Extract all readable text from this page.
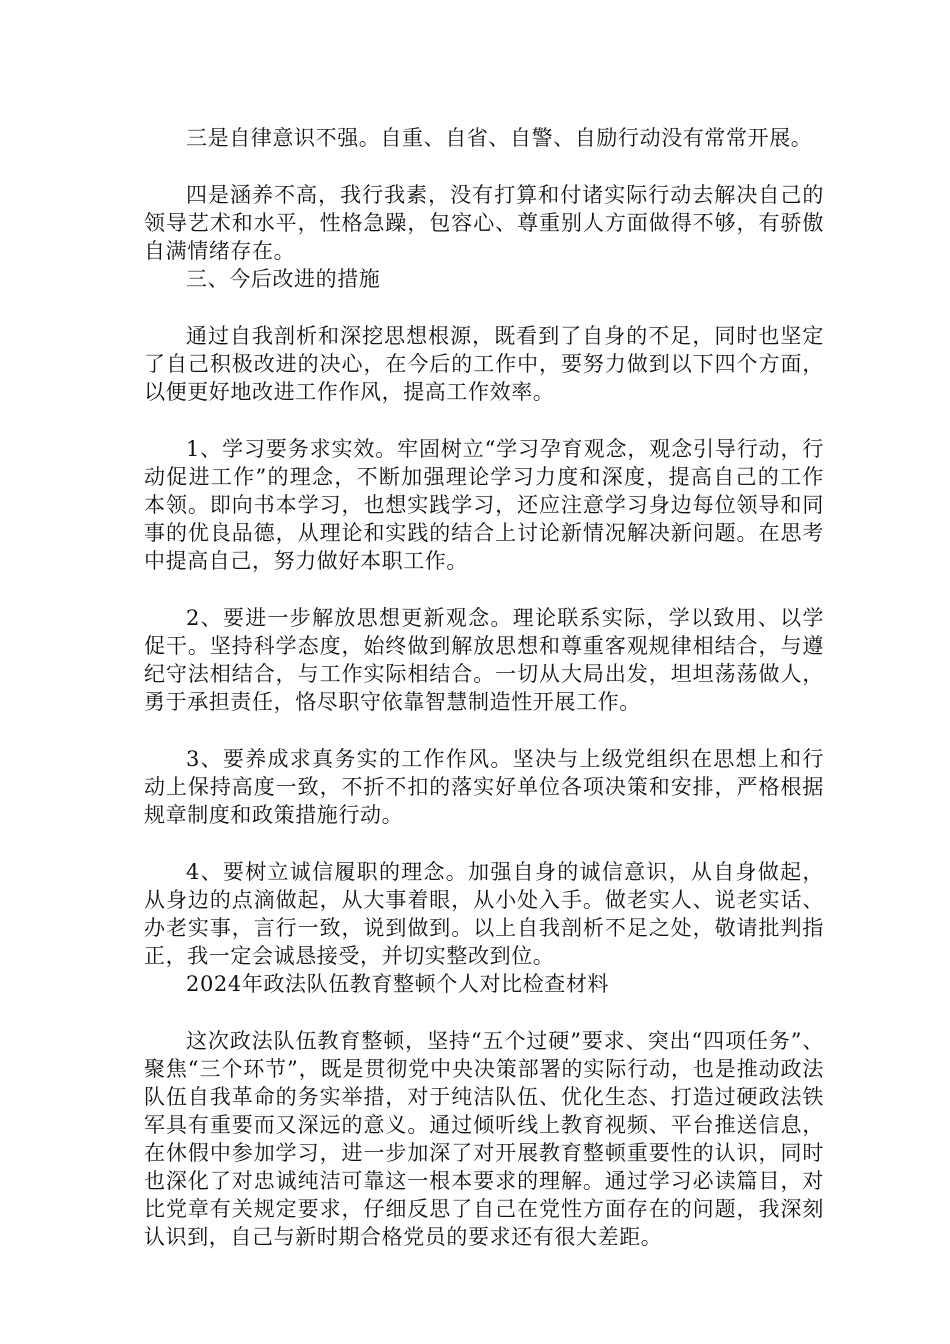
三是自律意识不强。自重、自省、自警、自励行动没有常常开展。

四是涵养不高，我行我素，没有打算和付诸实际行动去解决自己的领导艺术和水平，性格急躁，包容心、尊重别人方面做得不够，有骄傲自满情绪存在。

三、今后改进的措施

通过自我剖析和深挖思想根源，既看到了自身的不足，同时也坚定了自己积极改进的决心，在今后的工作中，要努力做到以下四个方面，以便更好地改进工作作风，提高工作效率。

1、学习要务求实效。牢固树立“学习孕育观念，观念引导行动，行动促进工作”的理念，不断加强理论学习力度和深度，提高自己的工作本领。即向书本学习，也想实践学习，还应注意学习身边每位领导和同事的优良品德，从理论和实践的结合上讨论新情况解决新问题。在思考中提高自己，努力做好本职工作。

2、要进一步解放思想更新观念。理论联系实际，学以致用、以学促干。坚持科学态度，始终做到解放思想和尊重客观规律相结合，与遵纪守法相结合，与工作实际相结合。一切从大局出发，坦坦荡荡做人，勇于承担责任，恪尽职守依靠智慧制造性开展工作。

3、要养成求真务实的工作作风。坚决与上级党组织在思想上和行动上保持高度一致，不折不扣的落实好单位各项决策和安排，严格根据规章制度和政策措施行动。

4、要树立诚信履职的理念。加强自身的诚信意识，从自身做起，从身边的点滴做起，从大事着眼，从小处入手。做老实人、说老实话、办老实事，言行一致，说到做到。以上自我剖析不足之处，敬请批判指正，我一定会诚恳接受，并切实整改到位。

2024年政法队伍教育整顿个人对比检查材料

这次政法队伍教育整顿，坚持“五个过硬”要求、突出“四项任务”、聚焦“三个环节”，既是贯彻党中央决策部署的实际行动，也是推动政法队伍自我革命的务实举措，对于纯洁队伍、优化生态、打造过硬政法铁军具有重要而又深远的意义。通过倾听线上教育视频、平台推送信息，在休假中参加学习，进一步加深了对开展教育整顿重要性的认识，同时也深化了对忠诚纯洁可靠这一根本要求的理解。通过学习必读篇目，对比党章有关规定要求，仔细反思了自己在党性方面存在的问题，我深刻认识到，自己与新时期合格党员的要求还有很大差距。
